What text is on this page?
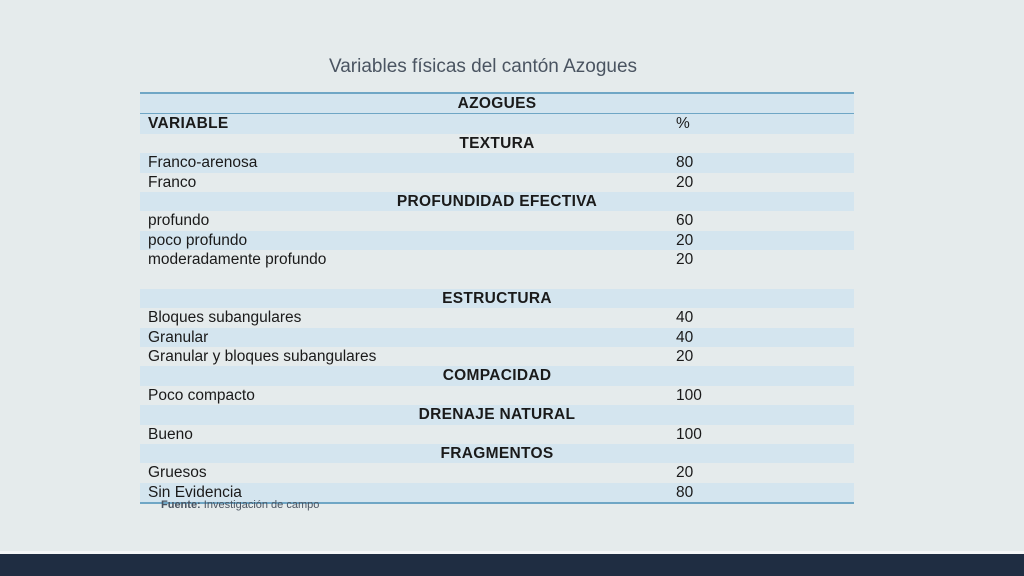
Variables físicas del cantón Azogues
AZOGUES
VARIABLE	%
TEXTURA
Franco-arenosa	80
Franco	20
PROFUNDIDAD EFECTIVA
profundo	60
poco profundo	20
moderadamente profundo	20
ESTRUCTURA
Bloques subangulares	40
Granular	40
Granular y bloques subangulares	20
COMPACIDAD
Poco compacto	100
DRENAJE NATURAL
Bueno	100
FRAGMENTOS
Gruesos	20
Sin Evidencia	80
Fuente: Investigación de campo
